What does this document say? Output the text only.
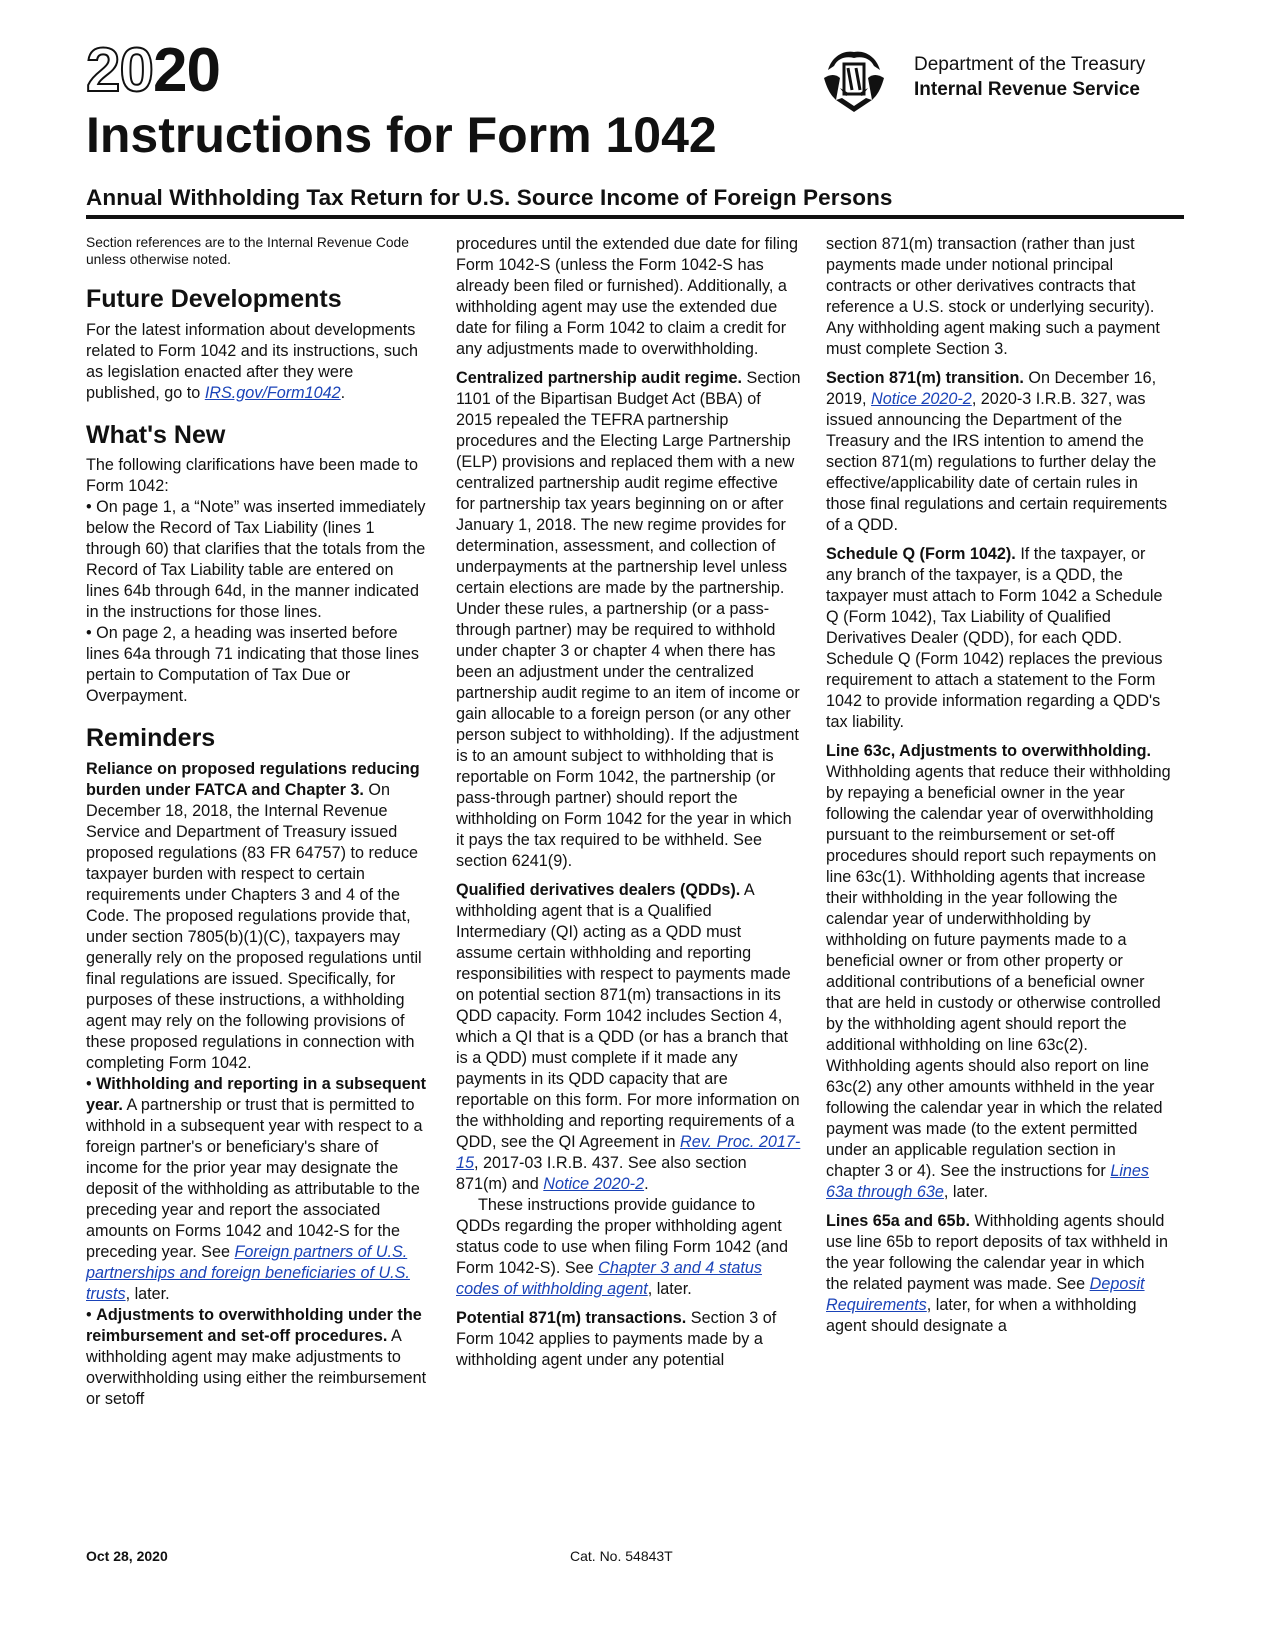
2020
Instructions for Form 1042
Department of the Treasury
Internal Revenue Service
Annual Withholding Tax Return for U.S. Source Income of Foreign Persons

Section references are to the Internal Revenue Code unless otherwise noted.

Future Developments

For the latest information about developments related to Form 1042 and its instructions, such as legislation enacted after they were published, go to IRS.gov/Form1042.

What's New

The following clarifications have been made to Form 1042:

• On page 1, a “Note” was inserted immediately below the Record of Tax Liability (lines 1 through 60) that clarifies that the totals from the Record of Tax Liability table are entered on lines 64b through 64d, in the manner indicated in the instructions for those lines.

• On page 2, a heading was inserted before lines 64a through 71 indicating that those lines pertain to Computation of Tax Due or Overpayment.

Reminders

Reliance on proposed regulations reducing burden under FATCA and Chapter 3. On December 18, 2018, the Internal Revenue Service and Department of Treasury issued proposed regulations (83 FR 64757) to reduce taxpayer burden with respect to certain requirements under Chapters 3 and 4 of the Code. The proposed regulations provide that, under section 7805(b)(1)(C), taxpayers may generally rely on the proposed regulations until final regulations are issued. Specifically, for purposes of these instructions, a withholding agent may rely on the following provisions of these proposed regulations in connection with completing Form 1042.

• Withholding and reporting in a subsequent year. A partnership or trust that is permitted to withhold in a subsequent year with respect to a foreign partner's or beneficiary's share of income for the prior year may designate the deposit of the withholding as attributable to the preceding year and report the associated amounts on Forms 1042 and 1042-S for the preceding year. See Foreign partners of U.S. partnerships and foreign beneficiaries of U.S. trusts, later.

• Adjustments to overwithholding under the reimbursement and set-off procedures. A withholding agent may make adjustments to overwithholding using either the reimbursement or setoff

procedures until the extended due date for filing Form 1042-S (unless the Form 1042-S has already been filed or furnished). Additionally, a withholding agent may use the extended due date for filing a Form 1042 to claim a credit for any adjustments made to overwithholding.

Centralized partnership audit regime. Section 1101 of the Bipartisan Budget Act (BBA) of 2015 repealed the TEFRA partnership procedures and the Electing Large Partnership (ELP) provisions and replaced them with a new centralized partnership audit regime effective for partnership tax years beginning on or after January 1, 2018. The new regime provides for determination, assessment, and collection of underpayments at the partnership level unless certain elections are made by the partnership. Under these rules, a partnership (or a pass-through partner) may be required to withhold under chapter 3 or chapter 4 when there has been an adjustment under the centralized partnership audit regime to an item of income or gain allocable to a foreign person (or any other person subject to withholding). If the adjustment is to an amount subject to withholding that is reportable on Form 1042, the partnership (or pass-through partner) should report the withholding on Form 1042 for the year in which it pays the tax required to be withheld. See section 6241(9).

Qualified derivatives dealers (QDDs). A withholding agent that is a Qualified Intermediary (QI) acting as a QDD must assume certain withholding and reporting responsibilities with respect to payments made on potential section 871(m) transactions in its QDD capacity. Form 1042 includes Section 4, which a QI that is a QDD (or has a branch that is a QDD) must complete if it made any payments in its QDD capacity that are reportable on this form. For more information on the withholding and reporting requirements of a QDD, see the QI Agreement in Rev. Proc. 2017-15, 2017-03 I.R.B. 437. See also section 871(m) and Notice 2020-2.

These instructions provide guidance to QDDs regarding the proper withholding agent status code to use when filing Form 1042 (and Form 1042-S). See Chapter 3 and 4 status codes of withholding agent, later.

Potential 871(m) transactions. Section 3 of Form 1042 applies to payments made by a withholding agent under any potential

section 871(m) transaction (rather than just payments made under notional principal contracts or other derivatives contracts that reference a U.S. stock or underlying security). Any withholding agent making such a payment must complete Section 3.

Section 871(m) transition. On December 16, 2019, Notice 2020-2, 2020-3 I.R.B. 327, was issued announcing the Department of the Treasury and the IRS intention to amend the section 871(m) regulations to further delay the effective/applicability date of certain rules in those final regulations and certain requirements of a QDD.

Schedule Q (Form 1042). If the taxpayer, or any branch of the taxpayer, is a QDD, the taxpayer must attach to Form 1042 a Schedule Q (Form 1042), Tax Liability of Qualified Derivatives Dealer (QDD), for each QDD. Schedule Q (Form 1042) replaces the previous requirement to attach a statement to the Form 1042 to provide information regarding a QDD's tax liability.

Line 63c, Adjustments to overwithholding. Withholding agents that reduce their withholding by repaying a beneficial owner in the year following the calendar year of overwithholding pursuant to the reimbursement or set-off procedures should report such repayments on line 63c(1). Withholding agents that increase their withholding in the year following the calendar year of underwithholding by withholding on future payments made to a beneficial owner or from other property or additional contributions of a beneficial owner that are held in custody or otherwise controlled by the withholding agent should report the additional withholding on line 63c(2). Withholding agents should also report on line 63c(2) any other amounts withheld in the year following the calendar year in which the related payment was made (to the extent permitted under an applicable regulation section in chapter 3 or 4). See the instructions for Lines 63a through 63e, later.

Lines 65a and 65b. Withholding agents should use line 65b to report deposits of tax withheld in the year following the calendar year in which the related payment was made. See Deposit Requirements, later, for when a withholding agent should designate a

Oct 28, 2020	Cat. No. 54843T
